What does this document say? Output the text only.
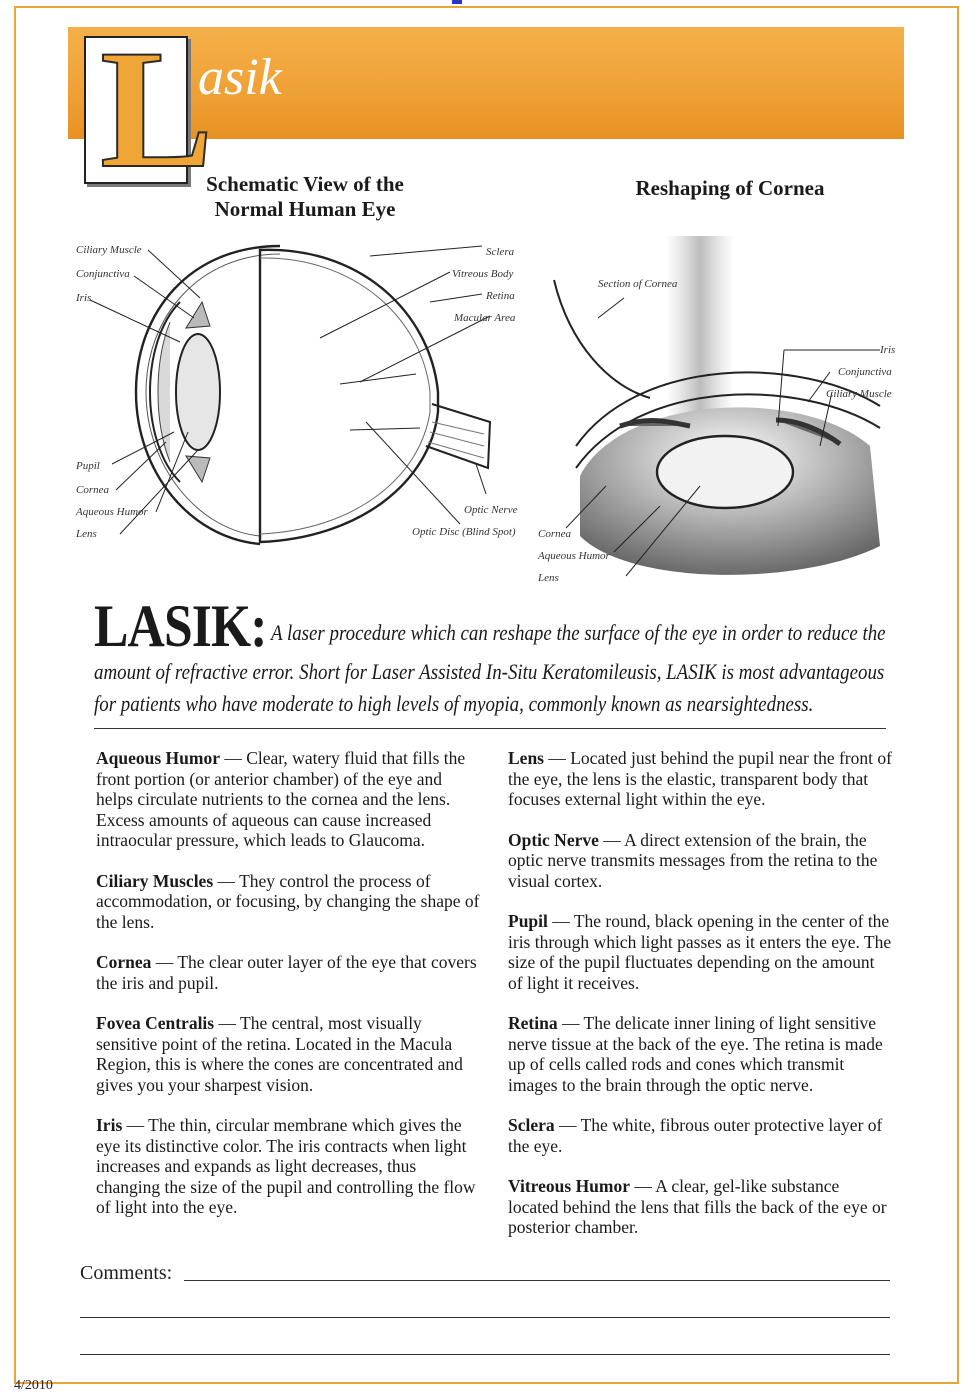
asik
L
Schematic View of the Normal Human Eye
Ciliary Muscle
Conjunctiva
Iris
Pupil
Cornea
Aqueous Humor
Lens
Sclera
Vitreous Body
Retina
Macular Area
Optic Nerve
Optic Disc (Blind Spot)
Reshaping of Cornea
Section of Cornea
Iris
Conjunctiva
Ciliary Muscle
Cornea
Aqueous Humor
Lens
LASIK: A laser procedure which can reshape the surface of the eye in order to reduce the amount of refractive error. Short for Laser Assisted In-Situ Keratomileusis, LASIK is most advantageous for patients who have moderate to high levels of myopia, commonly known as nearsightedness.
Aqueous Humor — Clear, watery fluid that fills the front portion (or anterior chamber) of the eye and helps circulate nutrients to the cornea and the lens. Excess amounts of aqueous can cause increased intraocular pressure, which leads to Glaucoma.
Ciliary Muscles — They control the process of accommodation, or focusing, by changing the shape of the lens.
Cornea — The clear outer layer of the eye that covers the iris and pupil.
Fovea Centralis — The central, most visually sensitive point of the retina. Located in the Macula Region, this is where the cones are concentrated and gives you your sharpest vision.
Iris — The thin, circular membrane which gives the eye its distinctive color. The iris contracts when light increases and expands as light decreases, thus changing the size of the pupil and controlling the flow of light into the eye.
Lens — Located just behind the pupil near the front of the eye, the lens is the elastic, transparent body that focuses external light within the eye.
Optic Nerve — A direct extension of the brain, the optic nerve transmits messages from the retina to the visual cortex.
Pupil — The round, black opening in the center of the iris through which light passes as it enters the eye. The size of the pupil fluctuates depending on the amount of light it receives.
Retina — The delicate inner lining of light sensitive nerve tissue at the back of the eye. The retina is made up of cells called rods and cones which transmit images to the brain through the optic nerve.
Sclera — The white, fibrous outer protective layer of the eye.
Vitreous Humor — A clear, gel-like substance located behind the lens that fills the back of the eye or posterior chamber.
Comments:
4/2010
